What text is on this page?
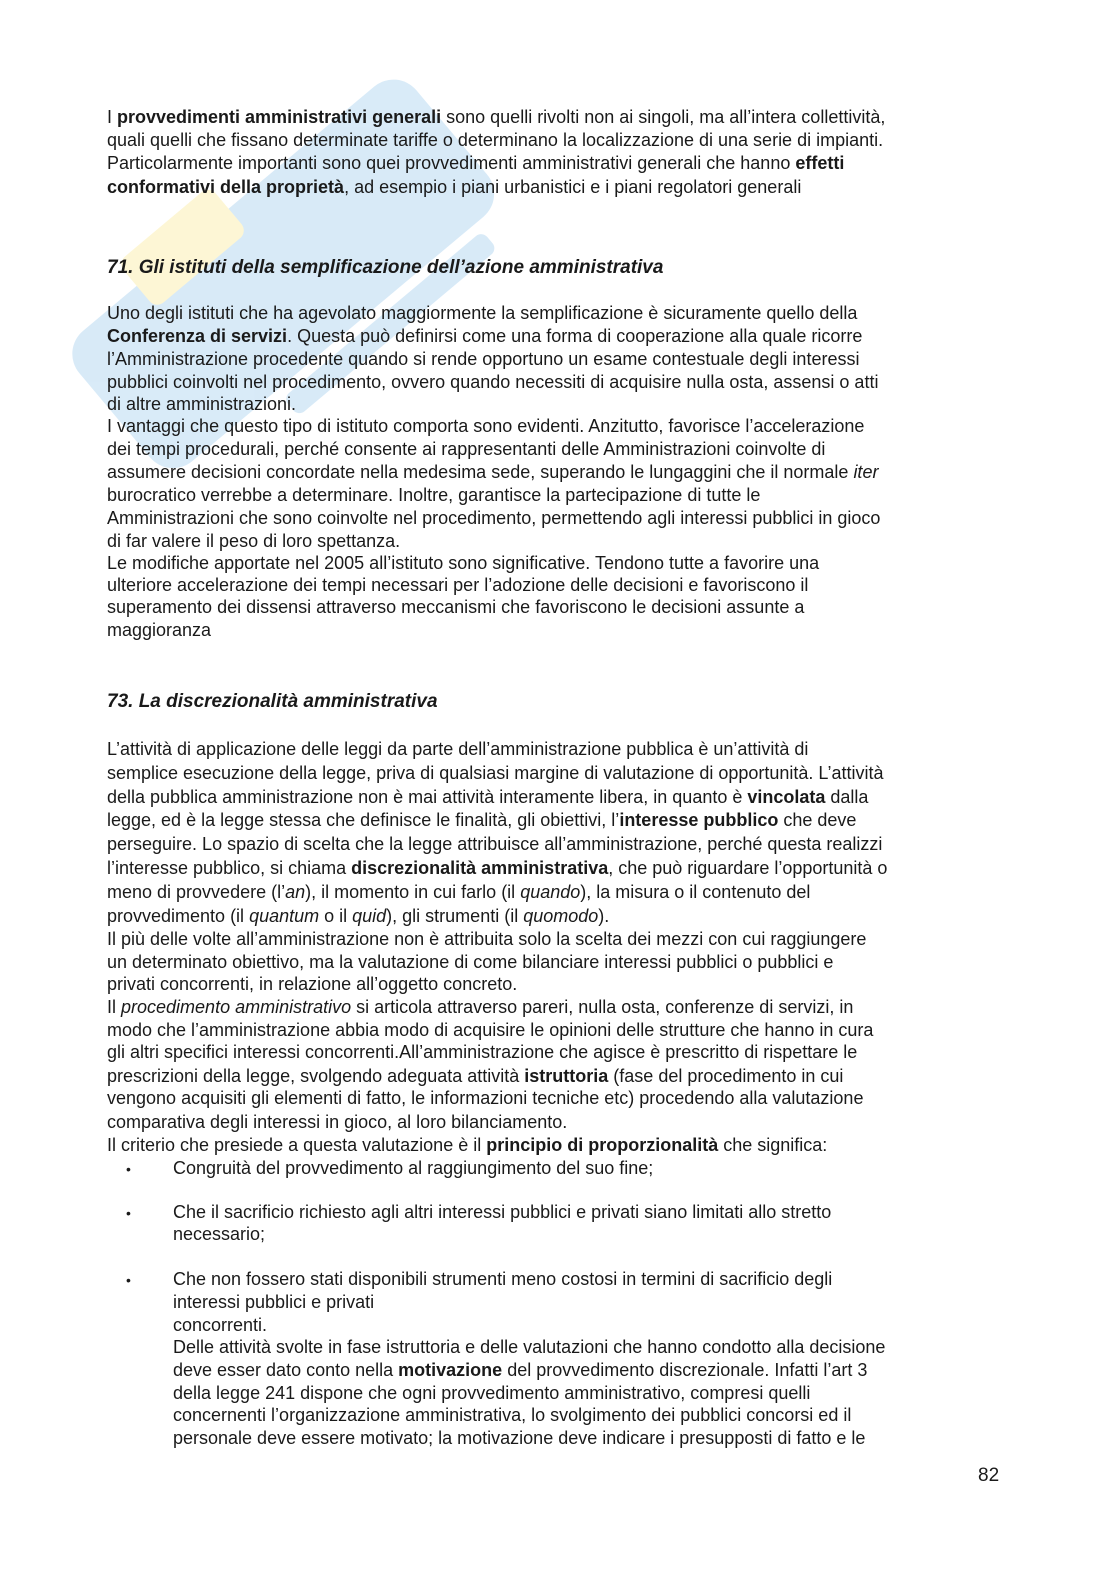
I provvedimenti amministrativi generali sono quelli rivolti non ai singoli, ma all’intera collettività,
quali quelli che fissano determinate tariffe o determinano la localizzazione di una serie di impianti.
Particolarmente importanti sono quei provvedimenti amministrativi generali che hanno effetti
conformativi della proprietà, ad esempio i piani urbanistici e i piani regolatori generali
71. Gli istituti della semplificazione dell’azione amministrativa
Uno degli istituti che ha agevolato maggiormente la semplificazione è sicuramente quello della
Conferenza di servizi. Questa può definirsi come una forma di cooperazione alla quale ricorre
l’Amministrazione procedente quando si rende opportuno un esame contestuale degli interessi
pubblici coinvolti nel procedimento, ovvero quando necessiti di acquisire nulla osta, assensi o atti
di altre amministrazioni.
I vantaggi che questo tipo di istituto comporta sono evidenti. Anzitutto, favorisce l’accelerazione
dei tempi procedurali, perché consente ai rappresentanti delle Amministrazioni coinvolte di
assumere decisioni concordate nella medesima sede, superando le lungaggini che il normale iter
burocratico verrebbe a determinare. Inoltre, garantisce la partecipazione di tutte le
Amministrazioni che sono coinvolte nel procedimento, permettendo agli interessi pubblici in gioco
di far valere il peso di loro spettanza.
Le modifiche apportate nel 2005 all’istituto sono significative. Tendono tutte a favorire una
ulteriore accelerazione dei tempi necessari per l’adozione delle decisioni e favoriscono il
superamento dei dissensi attraverso meccanismi che favoriscono le decisioni assunte a
maggioranza
73. La discrezionalità amministrativa
L’attività di applicazione delle leggi da parte dell’amministrazione pubblica è un’attività di
semplice esecuzione della legge, priva di qualsiasi margine di valutazione di opportunità. L’attività
della pubblica amministrazione non è mai attività interamente libera, in quanto è vincolata dalla
legge, ed è la legge stessa che definisce le finalità, gli obiettivi, l’interesse pubblico che deve
perseguire. Lo spazio di scelta che la legge attribuisce all’amministrazione, perché questa realizzi
l’interesse pubblico, si chiama discrezionalità amministrativa, che può riguardare l’opportunità o
meno di provvedere (l’an), il momento in cui farlo (il quando), la misura o il contenuto del
provvedimento (il quantum o il quid), gli strumenti (il quomodo).
Il più delle volte all’amministrazione non è attribuita solo la scelta dei mezzi con cui raggiungere
un determinato obiettivo, ma la valutazione di come bilanciare interessi pubblici o pubblici e
privati concorrenti, in relazione all’oggetto concreto.
Il procedimento amministrativo si articola attraverso pareri, nulla osta, conferenze di servizi, in
modo che l’amministrazione abbia modo di acquisire le opinioni delle strutture che hanno in cura
gli altri specifici interessi concorrenti.All’amministrazione che agisce è prescritto di rispettare le
prescrizioni della legge, svolgendo adeguata attività istruttoria (fase del procedimento in cui
vengono acquisiti gli elementi di fatto, le informazioni tecniche etc) procedendo alla valutazione
comparativa degli interessi in gioco, al loro bilanciamento.
Il criterio che presiede a questa valutazione è il principio di proporzionalità che significa:
Congruità del provvedimento al raggiungimento del suo fine;
Che il sacrificio richiesto agli altri interessi pubblici e privati siano limitati allo stretto
necessario;
Che non fossero stati disponibili strumenti meno costosi in termini di sacrificio degli
interessi pubblici e privati
concorrenti.
Delle attività svolte in fase istruttoria e delle valutazioni che hanno condotto alla decisione
deve esser dato conto nella motivazione del provvedimento discrezionale. Infatti l’art 3
della legge 241 dispone che ogni provvedimento amministrativo, compresi quelli
concernenti l’organizzazione amministrativa, lo svolgimento dei pubblici concorsi ed il
personale deve essere motivato; la motivazione deve indicare i presupposti di fatto e le
•
•
•
82
